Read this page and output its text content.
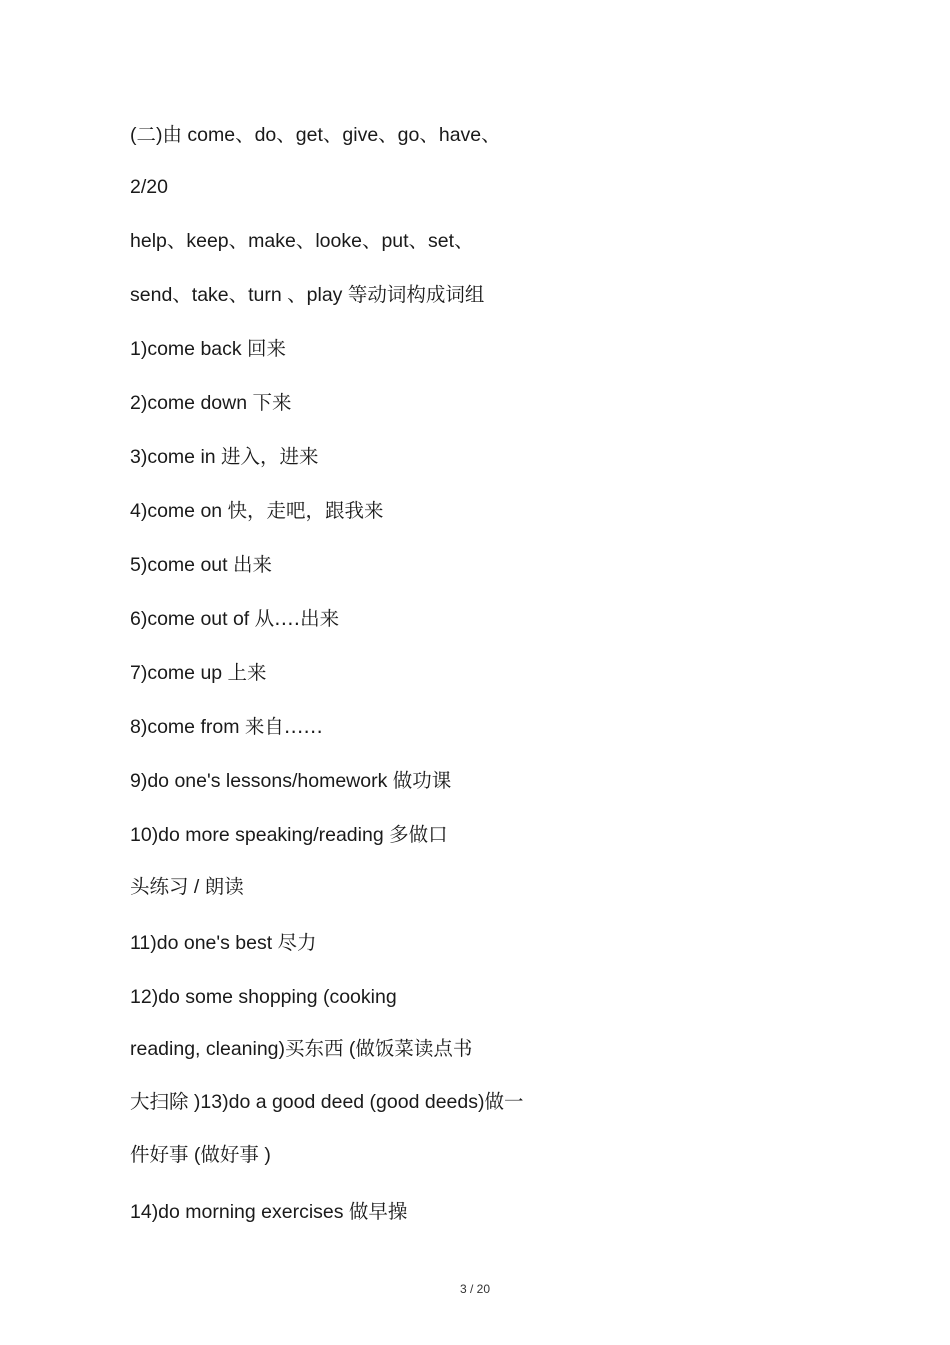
(二)由 come、do、get、give、go、have、
2/20
help、keep、make、looke、put、set、
send、take、turn 、play 等动词构成词组
1)come back 回来
2)come down 下来
3)come in 进入，进来
4)come on 快，走吧，跟我来
5)come out 出来
6)come out of 从‥‥出来
7)come up 上来
8)come from 来自‥‥‥
9)do one's lessons/homework 做功课
10)do more speaking/reading 多做口
头练习 / 朗读
11)do one's best 尽力
12)do some shopping (cooking
reading, cleaning)买东西 (做饭菜读点书
大扫除 )13)do a good deed (good deeds)做一
件好事 (做好事 )
14)do morning exercises 做早操
3 / 20
